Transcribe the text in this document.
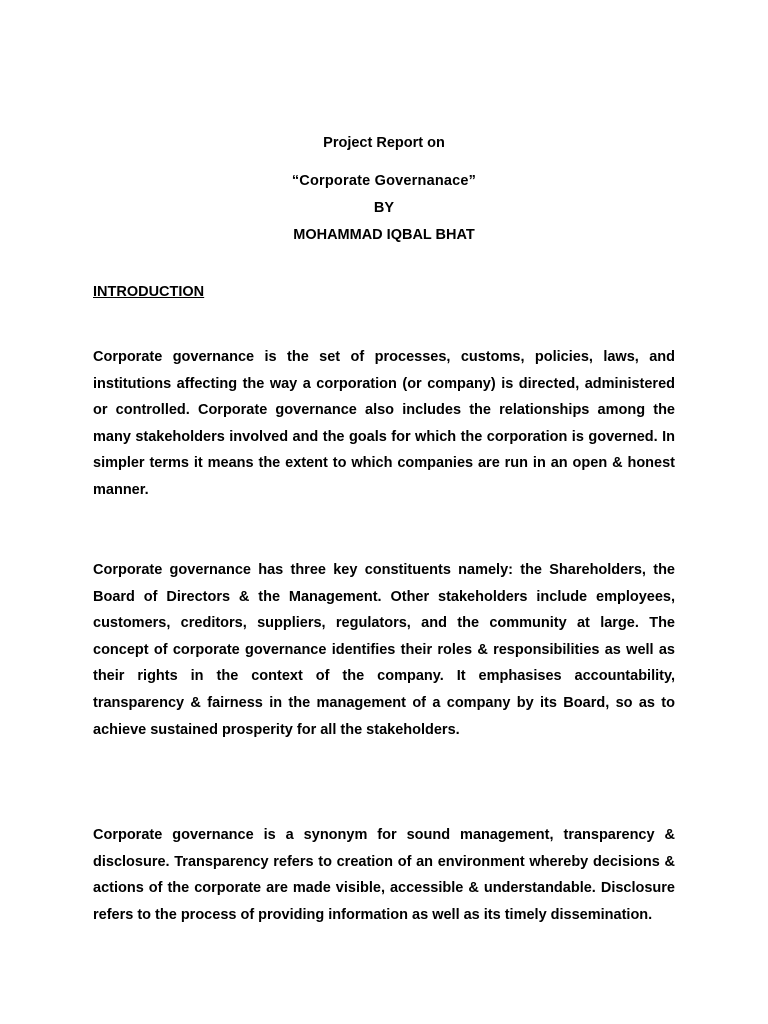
Project Report on
“Corporate Governanace”
BY
MOHAMMAD IQBAL BHAT
INTRODUCTION

Corporate governance is the set of processes, customs, policies, laws, and institutions affecting the way a corporation (or company) is directed, administered or controlled. Corporate governance also includes the relationships among the many stakeholders involved and the goals for which the corporation is governed. In simpler terms it means the extent to which companies are run in an open & honest manner.

Corporate governance has three key constituents namely: the Shareholders, the Board of Directors & the Management. Other stakeholders include employees, customers, creditors, suppliers, regulators, and the community at large. The concept of corporate governance identifies their roles & responsibilities as well as their rights in the context of the company. It emphasises accountability, transparency & fairness in the management of a company by its Board, so as to achieve sustained prosperity for all the stakeholders.

Corporate governance is a synonym for sound management, transparency & disclosure. Transparency refers to creation of an environment whereby decisions & actions of the corporate are made visible, accessible & understandable. Disclosure refers to the process of providing information as well as its timely dissemination.
